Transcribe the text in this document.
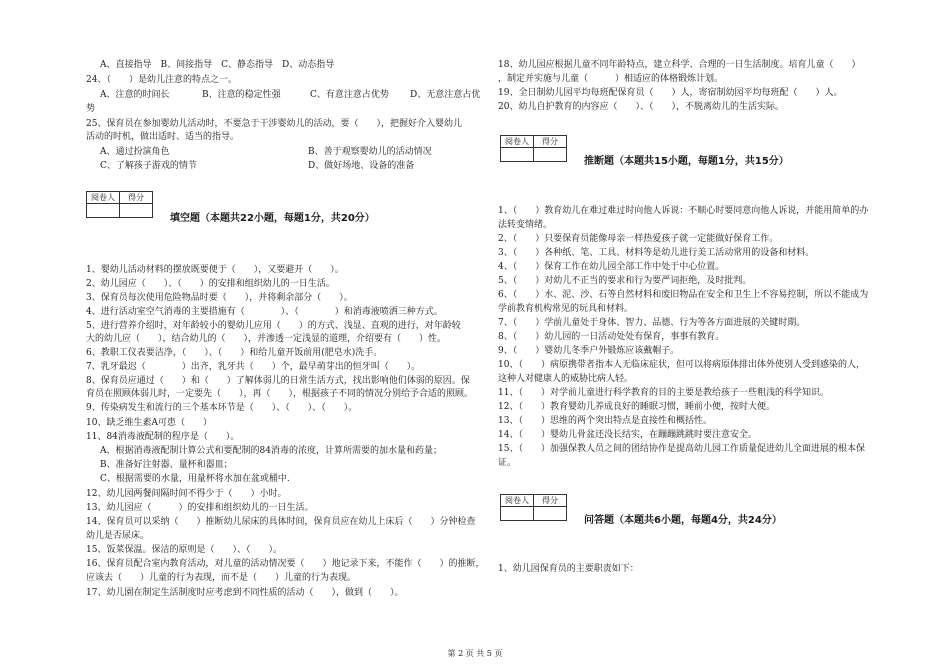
A、直接指导　B、间接指导　C、静态指导　D、动态指导
24、（　　）是幼儿注意的特点之一。
A、注意的时间长	B、注意的稳定性强	C、有意注意占优势 D、无意注意占优
势
25、保育员在参加婴幼儿活动时，不要急于干涉婴幼儿的活动，要（　　），把握好介入婴幼儿
活动的时机，做出适时、适当的指导。
A、通过扮演角色	B、善于观察婴幼儿的活动情况
C、了解孩子游戏的情节	D、做好场地、设备的准备
阅卷人	得分

填空题（本题共22小题，每题1分，共20分）
1、婴幼儿活动材料的摆放既要便于（　　），又要避开（　　）。
2、幼儿园应（　　）、（　　）的安排和组织幼儿的一日生活。
3、保育员每次使用危险物品时要（　　），并将剩余部分（　　）。
4、进行活动室空气消毒的主要措施有（　　　　）、（　　　　）和消毒液喷洒三种方式。
5、进行营养介绍时，对年龄较小的婴幼儿应用（　　）的方式、浅显、直观的进行，对年龄较
大的幼儿应（　　），结合幼儿的（　　），并渗透一定浅显的道理，介绍要有（　　）性。
6、教职工仪表要洁净，（　　）、（　　）和给儿童开饭前用(肥皂水)洗手。
7、乳牙最迟（　　　　）出齐，乳牙共（　　）个，最早萌芽出的恒牙叫（　　）。
8、保育员应通过（　　）和（　　）了解体弱儿的日常生活方式，找出影响他们体弱的原因。保
育员在照顾体弱儿时，一定要先（　　），再（　　），根据孩子不同的情况分别给予合适的照顾。
9、传染病发生和流行的三个基本环节是（　　）、（　　）、（　　）。
10、缺乏维生素A可患（　　）
11、84消毒液配制的程序是（　　）。
A、根据消毒液配制计算公式和要配制的84消毒的浓度，计算所需要的加水量和药量；
B、准备好注射器、量杯和器皿；
C、根据需要的水量，用量杯将水加在盆或桶中.
12、幼儿园两餐间隔时间不得少于（　　）小时。
13、幼儿园应（　　　）的安排和组织幼儿的一日生活。
14、保育员可以采纳（　　）推断幼儿尿床的具体时间，保育员应在幼儿上床后（　　）分钟检查
幼儿是否尿床。
15、饭菜保温。保洁的原则是（　　）、（　　）。
16、保育员配合室内教育活动，对儿童的活动情况要（　　）地记录下来，不能作（　　）的推断，
应该去（　　）儿童的行为表现，而不是（　　）儿童的行为表现。
17、幼儿園在制定生活制度时应考虑到不同性质的活动（　　），做到（　　）。
18、幼儿园应根据儿童不同年龄特点，建立科学、合理的一日生活制度。培育儿童（　　）
，制定并实施与儿童（　　　）相适应的体格锻炼计划。
19、全日制幼儿园平均每班配保育员（　　）人，寄宿制幼园平均每班配（　　）人。
20、幼儿自护教育的内容应（　　）、（　　），不脱离幼儿的生活实际。
阅卷人	得分

推断题（本题共15小题，每题1分，共15分）
1、（　　）教育幼儿在难过难过时向他人诉说：不顺心时要同意向他人诉说，并能用简单的办
法转变情绪。
2、（　　）只要保育员能像母亲一样热爱孩子就一定能做好保育工作。
3、（　　）各种纸、笔、工具、材料等是幼儿进行美工活动常用的设备和材料。
4、（　　）保育工作在幼儿园全部工作中处于中心位置。
5、（　　）对幼儿不正当的要求和行为要严词拒绝，及时批判。
6、（　　）水、泥、沙、石等自然材料和废旧物品在安全和卫生上不容易控制，所以不能成为
学前教育机构常见的玩具和材料。
7、（　　）学前儿童处于身体、智力、品德、行为等各方面进展的关键时期。
8、（　　）幼儿园的一日活动处处有保育，事事有教育。
9、（　　）婴幼儿冬季户外锻炼应该戴帽子。
10、（　　）病原携带者指本人无临床症状，但可以将病原体排出体外使别人受到感染的人，
这种人对健康人的威胁比病人轻。
11、（　　）对学前儿童进行科学教育的目的主要是教给孩子一些粗浅的科学知识。
12、（　　）教育婴幼儿养成良好的睡眠习惯，睡前小便，按时大便。
13、（　　）思维的两个突出特点是直接性和概括性。
14、（　　）婴幼儿骨盆还没长结实，在蹦蹦跳跳时要注意安全。
15、（　　）加强保教人员之间的团结协作是提高幼儿园工作质量促进幼儿全面进展的根本保
证。
阅卷人	得分

问答题（本题共6小题，每题4分，共24分）
1、幼儿园保育员的主要职责如下：
第 2 页 共 5 页
